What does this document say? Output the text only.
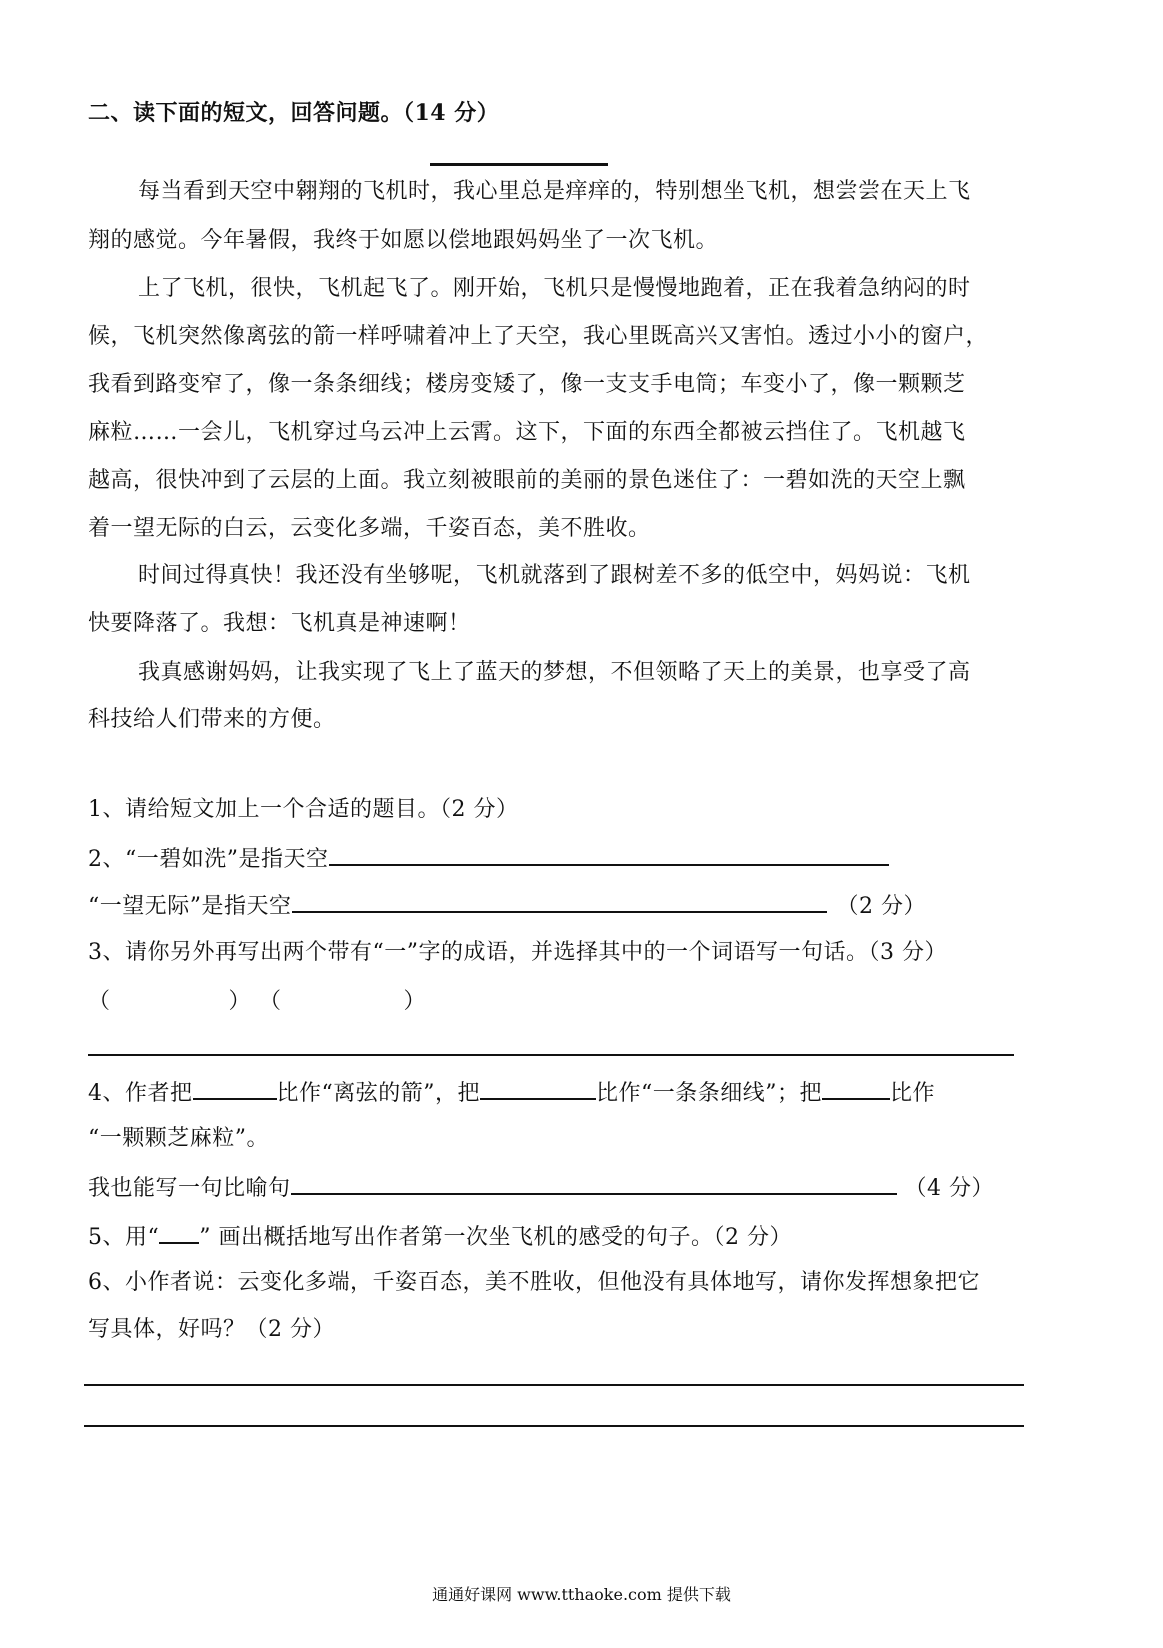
二、读下面的短文，回答问题。（14 分）
每当看到天空中翱翔的飞机时，我心里总是痒痒的，特别想坐飞机，想尝尝在天上飞
翔的感觉。今年暑假，我终于如愿以偿地跟妈妈坐了一次飞机。
上了飞机，很快，飞机起飞了。刚开始，飞机只是慢慢地跑着，正在我着急纳闷的时
候，飞机突然像离弦的箭一样呼啸着冲上了天空，我心里既高兴又害怕。透过小小的窗户，
我看到路变窄了，像一条条细线；楼房变矮了，像一支支手电筒；车变小了，像一颗颗芝
麻粒……一会儿，飞机穿过乌云冲上云霄。这下，下面的东西全都被云挡住了。飞机越飞
越高，很快冲到了云层的上面。我立刻被眼前的美丽的景色迷住了：一碧如洗的天空上飘
着一望无际的白云，云变化多端，千姿百态，美不胜收。
时间过得真快！我还没有坐够呢，飞机就落到了跟树差不多的低空中，妈妈说：飞机
快要降落了。我想：飞机真是神速啊！
我真感谢妈妈，让我实现了飞上了蓝天的梦想，不但领略了天上的美景，也享受了高
科技给人们带来的方便。
1、请给短文加上一个合适的题目。（2 分）
2、“一碧如洗”是指天空
“一望无际”是指天空	（2 分）
3、请你另外再写出两个带有“一”字的成语，并选择其中的一个词语写一句话。（3 分）
（	） （	）
4、作者把	比作“离弦的箭”，把	比作“一条条细线”；把	比作
“一颗颗芝麻粒”。
我也能写一句比喻句	（4 分）
5、用“ ” 画出概括地写出作者第一次坐飞机的感受的句子。（2 分）
6、小作者说：云变化多端，千姿百态，美不胜收，但他没有具体地写，请你发挥想象把它
写具体，好吗？（2 分）
通通好课网 www.tthaoke.com 提供下载
